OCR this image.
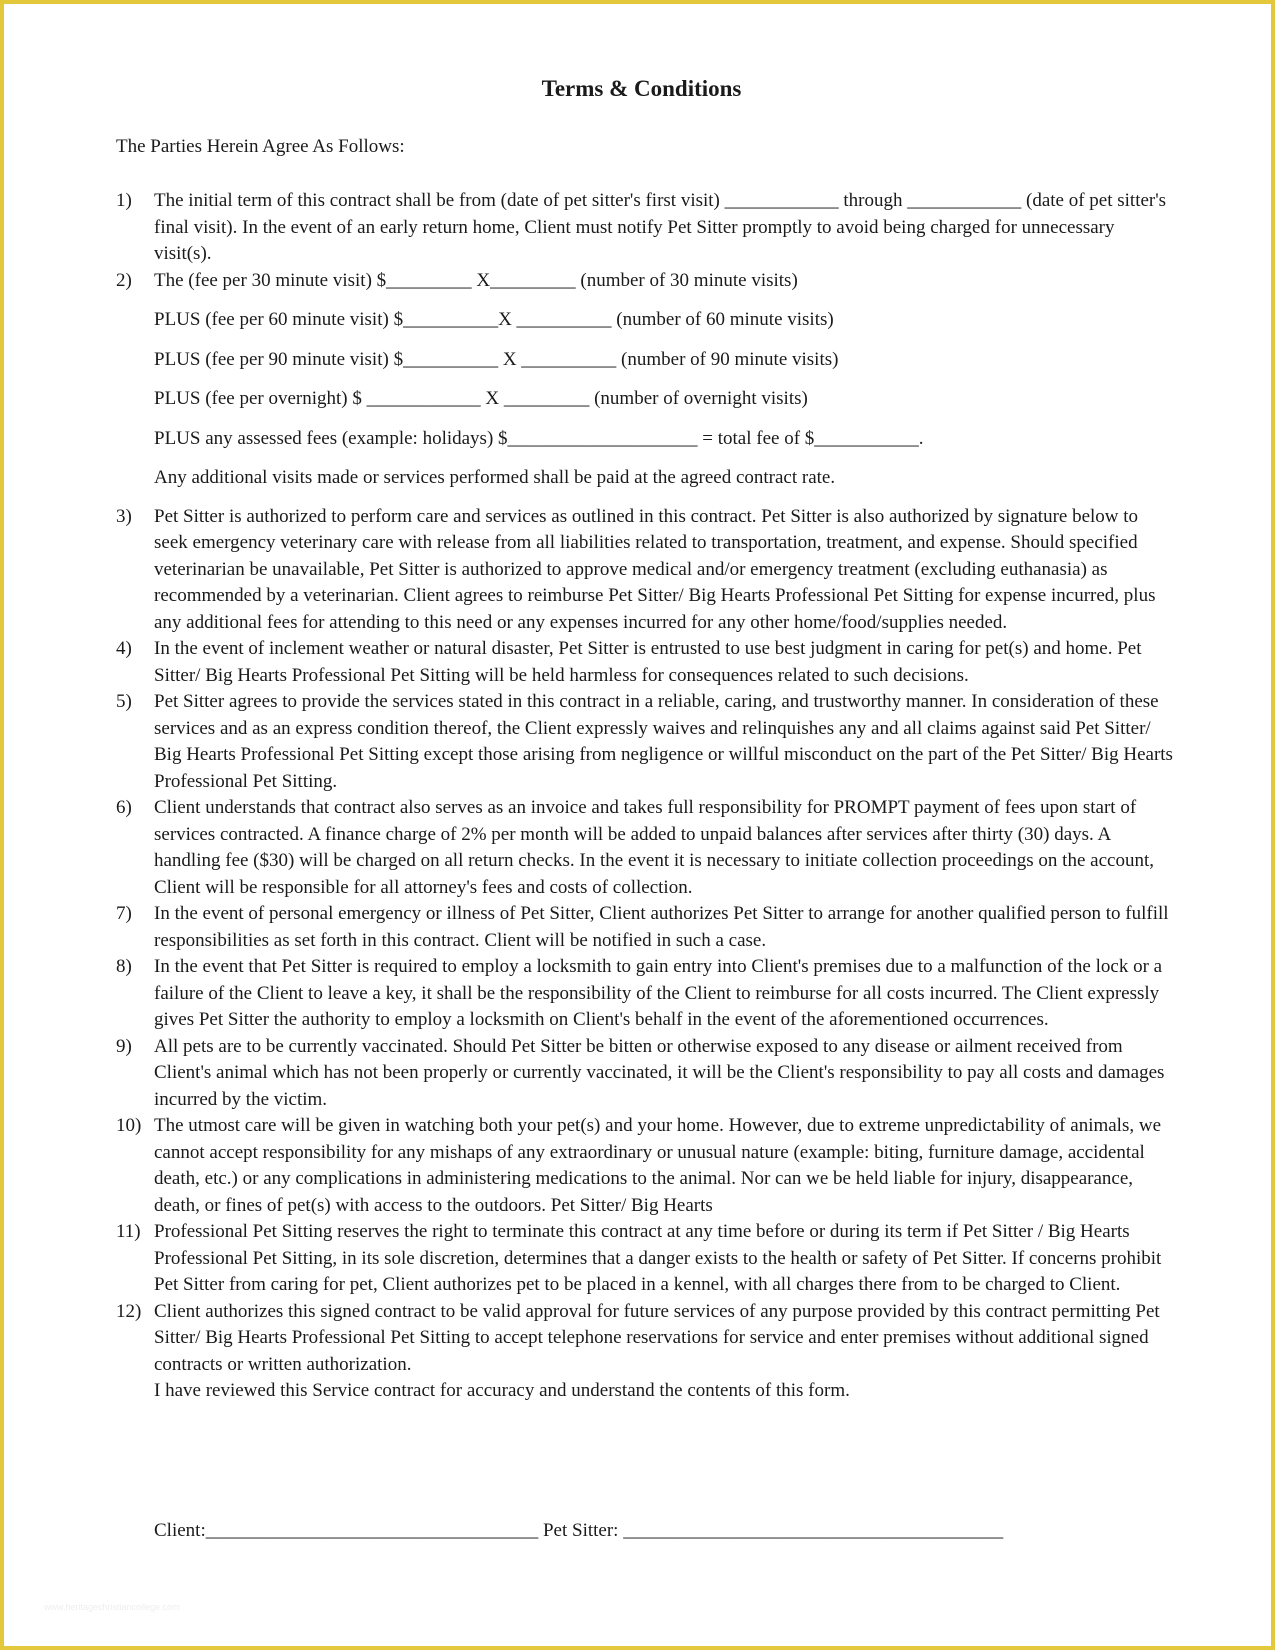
Terms & Conditions
The Parties Herein Agree As Follows:
1) The initial term of this contract shall be from (date of pet sitter's first visit) ____________ through ____________ (date of pet sitter's final visit). In the event of an early return home, Client must notify Pet Sitter promptly to avoid being charged for unnecessary visit(s).
2) The (fee per 30 minute visit) $_________ X_________ (number of 30 minute visits)
PLUS (fee per 60 minute visit) $__________X __________ (number of 60 minute visits)
PLUS (fee per 90 minute visit) $__________ X __________ (number of 90 minute visits)
PLUS (fee per overnight) $ ____________ X _________ (number of overnight visits)
PLUS any assessed fees (example: holidays) $____________________ = total fee of $___________.
Any additional visits made or services performed shall be paid at the agreed contract rate.
3) Pet Sitter is authorized to perform care and services as outlined in this contract. Pet Sitter is also authorized by signature below to seek emergency veterinary care with release from all liabilities related to transportation, treatment, and expense. Should specified veterinarian be unavailable, Pet Sitter is authorized to approve medical and/or emergency treatment (excluding euthanasia) as recommended by a veterinarian. Client agrees to reimburse Pet Sitter/ Big Hearts Professional Pet Sitting for expense incurred, plus any additional fees for attending to this need or any expenses incurred for any other home/food/supplies needed.
4) In the event of inclement weather or natural disaster, Pet Sitter is entrusted to use best judgment in caring for pet(s) and home. Pet Sitter/ Big Hearts Professional Pet Sitting will be held harmless for consequences related to such decisions.
5) Pet Sitter agrees to provide the services stated in this contract in a reliable, caring, and trustworthy manner. In consideration of these services and as an express condition thereof, the Client expressly waives and relinquishes any and all claims against said Pet Sitter/ Big Hearts Professional Pet Sitting except those arising from negligence or willful misconduct on the part of the Pet Sitter/ Big Hearts Professional Pet Sitting.
6) Client understands that contract also serves as an invoice and takes full responsibility for PROMPT payment of fees upon start of services contracted. A finance charge of 2% per month will be added to unpaid balances after services after thirty (30) days. A handling fee ($30) will be charged on all return checks. In the event it is necessary to initiate collection proceedings on the account, Client will be responsible for all attorney's fees and costs of collection.
7) In the event of personal emergency or illness of Pet Sitter, Client authorizes Pet Sitter to arrange for another qualified person to fulfill responsibilities as set forth in this contract. Client will be notified in such a case.
8) In the event that Pet Sitter is required to employ a locksmith to gain entry into Client's premises due to a malfunction of the lock or a failure of the Client to leave a key, it shall be the responsibility of the Client to reimburse for all costs incurred. The Client expressly gives Pet Sitter the authority to employ a locksmith on Client's behalf in the event of the aforementioned occurrences.
9) All pets are to be currently vaccinated. Should Pet Sitter be bitten or otherwise exposed to any disease or ailment received from Client's animal which has not been properly or currently vaccinated, it will be the Client's responsibility to pay all costs and damages incurred by the victim.
10) The utmost care will be given in watching both your pet(s) and your home. However, due to extreme unpredictability of animals, we cannot accept responsibility for any mishaps of any extraordinary or unusual nature (example: biting, furniture damage, accidental death, etc.) or any complications in administering medications to the animal. Nor can we be held liable for injury, disappearance, death, or fines of pet(s) with access to the outdoors. Pet Sitter/ Big Hearts
11) Professional Pet Sitting reserves the right to terminate this contract at any time before or during its term if Pet Sitter / Big Hearts Professional Pet Sitting, in its sole discretion, determines that a danger exists to the health or safety of Pet Sitter. If concerns prohibit Pet Sitter from caring for pet, Client authorizes pet to be placed in a kennel, with all charges there from to be charged to Client.
12) Client authorizes this signed contract to be valid approval for future services of any purpose provided by this contract permitting Pet Sitter/ Big Hearts Professional Pet Sitting to accept telephone reservations for service and enter premises without additional signed contracts or written authorization.
I have reviewed this Service contract for accuracy and understand the contents of this form.
Client:___________________________________ Pet Sitter: ________________________________________
www.heritagechristiancollege.com
